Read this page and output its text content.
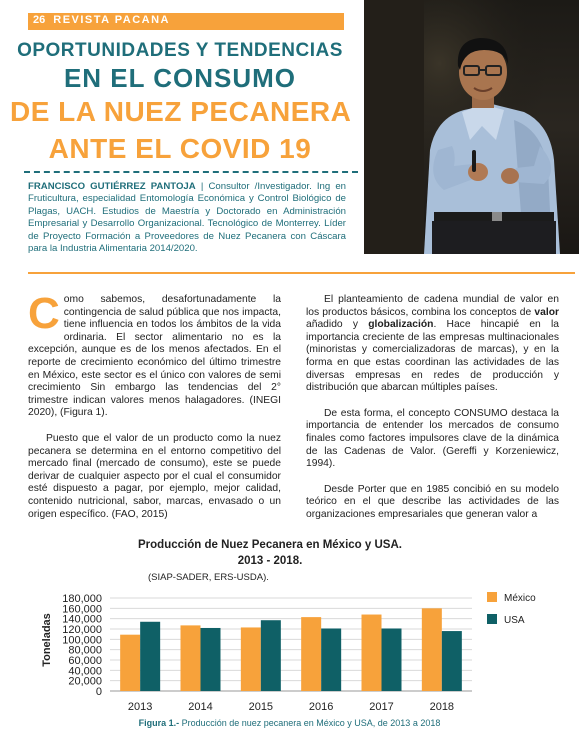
26 REVISTA PACANA
OPORTUNIDADES Y TENDENCIAS
EN EL CONSUMO
DE LA NUEZ PECANERA
ANTE EL COVID 19
FRANCISCO GUTIÉRREZ PANTOJA | Consultor /Investigador. Ing en Fruticultura, especialidad Entomología Económica y Control Biológico de Plagas, UACH. Estudios de Maestría y Doctorado en Administración Empresarial y Desarrollo Organizacional. Tecnológico de Monterrey. Líder de Proyecto Formación a Proveedores de Nuez Pecanera con Cáscara para la Industria Alimentaria 2014/2020.

Como sabemos, desafortunadamente la contingencia de salud pública que nos impacta, tiene influencia en todos los ámbitos de la vida ordinaria. El sector alimentario no es la excepción, aunque es de los menos afectados. En el reporte de crecimiento económico del último trimestre en México, este sector es el único con valores de semi crecimiento Sin embargo las tendencias del 2° trimestre indican valores menos halagadores. (INEGI 2020), (Figura 1).

Puesto que el valor de un producto como la nuez pecanera se determina en el entorno competitivo del mercado final (mercado de consumo), este se puede derivar de cualquier aspecto por el cual el consumidor esté dispuesto a pagar, por ejemplo, mejor calidad, contenido nutricional, sabor, marcas, envasado o un origen específico. (FAO, 2015)

El planteamiento de cadena mundial de valor en los productos básicos, combina los conceptos de valor añadido y globalización. Hace hincapié en la importancia creciente de las empresas multinacionales (minoristas y comercializadoras de marcas), y en la forma en que estas coordinan las actividades de las diversas empresas en redes de producción y distribución que abarcan múltiples países.

De esta forma, el concepto CONSUMO destaca la importancia de entender los mercados de consumo finales como factores impulsores clave de la dinámica de las Cadenas de Valor. (Gereffi y Korzeniewicz, 1994).

Desde Porter que en 1985 concibió en su modelo teórico en el que describe las actividades de las organizaciones empresariales que generan valor a

Producción de Nuez Pecanera en México y USA.
2013 - 2018.
(SIAP-SADER, ERS-USDA).
Toneladas
0
20,000
40,000
60,000
80,000
100,000
120,000
140,000
160,000
180,000
2013	2014	2015	2016	2017	2018
México
USA
Figura 1.- Producción de nuez pecanera en México y USA, de 2013 a 2018
